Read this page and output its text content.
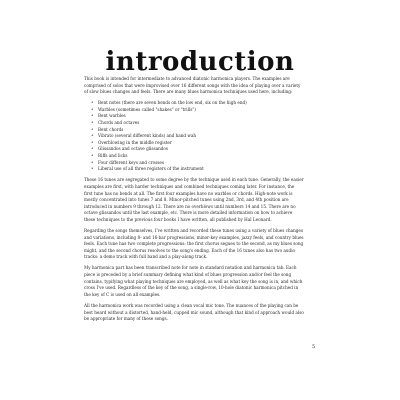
introduction

This book is intended for intermediate to advanced diatonic harmonica players. The examples are comprised of solos that were improvised over 16 different songs with the idea of playing over a variety of slow blues changes and feels. There are many blues harmonica techniques used here, including:

• Bent notes (there are seven bends on the low end, six on the high end)
• Warbles (sometimes called "shakes" or "trills")
• Bent warbles
• Chords and octaves
• Bent chords
• Vibrato (several different kinds) and hand wah
• Overblowing in the middle register
• Glissandos and octave glissandos
• Riffs and licks
• Four different keys and crosses
• Liberal use of all three registers of the instrument

These 16 tunes are segregated to some degree by the technique used in each tune. Generally, the easier examples are first, with harder techniques and combined techniques coming later. For instance, the first tune has no bends at all. The first four examples have no warbles or chords. High-note work is mostly concentrated into tunes 7 and 8. Minor-pitched tunes using 2nd, 3rd, and 4th position are introduced in numbers 9 through 12. There are no overblows until numbers 14 and 15. There are no octave glissandos until the last example, etc. There is more detailed information on how to achieve these techniques to the previous four books I have written, all published by Hal Leonard.

Regarding the songs themselves, I've written and recorded these tunes using a variety of blues changes and variations, including 8- and 16-bar progressions, minor-key examples, jazzy feels, and country blues feels. Each tune has two complete progressions: the first chorus segues to the second, as my blues song might, and the second chorus resolves to the song's ending. Each of the 16 tunes also has two audio tracks: a demo track with full band and a play-along track.

My harmonica part has been transcribed note for note in standard notation and harmonica tab. Each piece is preceded by a brief summary defining what kind of blues progression and/or feel the song contains, typifying what playing techniques are employed, as well as what key the song is in, and which cross I've used. Regardless of the key of the song, a single-row, 10-hole diatonic harmonica pitched in the key of C is used on all examples.

All the harmonica work was recorded using a clean vocal mic tone. The nuances of the playing can be best heard without a distorted, hand-held, cupped mic sound, although that kind of approach would also be appropriate for many of these songs.

5
